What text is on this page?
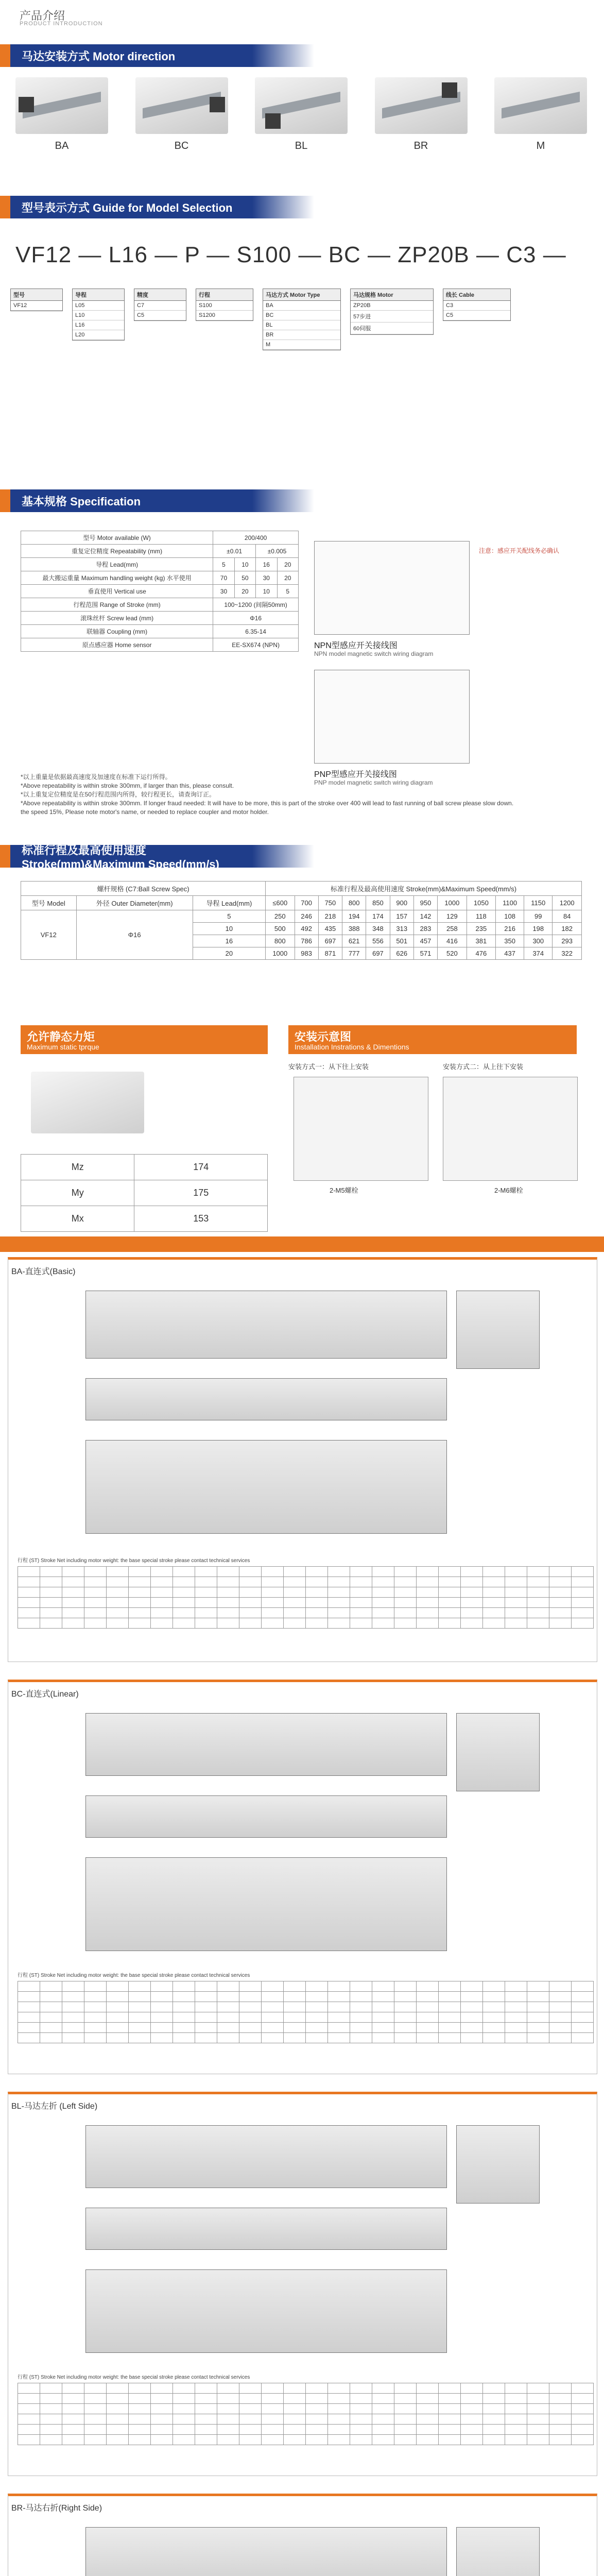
产品介绍
PRODUCT INTRODUCTION
马达安装方式 Motor direction
BA	BC	BL	BR	M
型号表示方式 Guide for Model Selection
VF12 — L16 — P — S100 — BC — ZP20B — C3 —
型号
VF12
导程
L05
L10
L16
L20
精度
C7
C5
行程
S100
S1200
马达方式 Motor Type
BA
BC
BL
BR
M
马达规格 Motor
ZP20B
57步进
60伺服
线长 Cable
C3
C5
基本规格 Specification
型号 Motor available (W)	200/400			
重复定位精度 Repeatability (mm)	±0.01		±0.005	
导程 Lead(mm)	5	10	16	20
最大搬运重量 Maximum handling weight (kg) 水平使用	70	50	30	20
垂直使用 Vertical use	30	20	10	5
行程范围 Range of Stroke (mm)	100~1200 (间隔50mm)			
滚珠丝杆 Screw lead (mm)	Φ16			
联轴器 Coupling (mm)	6.35-14			
原点感应器 Home sensor	EE-SX674 (NPN)				NPN型感应开关接线图
NPN model magnetic switch wiring diagram
PNP型感应开关接线图
PNP model magnetic switch wiring diagram
注意：感应开关配线务必确认
*以上重量是依据最高速度及加速度在标准下运行所得。
*Above repeatability is within stroke 300mm, if larger than this, please consult.
*以上重复定位精度是在50行程范围内所得，较行程更长，请查询订正。
*Above repeatability is within stroke 300mm. If longer fraud needed: It will have to be more, this is part of the stroke over 400 will lead to fast running of ball screw please slow down.
the speed 15%, Please note motor's name, or needed to replace coupler and motor holder.
标准行程及最高使用速度 Stroke(mm)&Maximum Speed(mm/s)
螺杆规格 (C7:Ball Screw Spec)			标准行程及最高使用速度 Stroke(mm)&Maximum Speed(mm/s)											
型号 Model	外径 Outer Diameter(mm)	导程 Lead(mm)	≤600	700	750	800	850	900	950	1000	1050	1100	1150	1200
VF12	Φ16	5	250	246	218	194	174	157	142	129	118	108	99	84
		10	500	492	435	388	348	313	283	258	235	216	198	182
		16	800	786	697	621	556	501	457	416	381	350	300	293
		20	1000	983	871	777	697	626	571	520	476	437	374	322
允许静态力矩
Maximum static tprque
Mz	174
My	175
Mx	153
安装示意图
Installation Instrations & Dimentions
安装方式一：从下往上安装	安装方式二：从上往下安装
2-M5螺栓	2-M6螺栓
BA-直连式(Basic)
行程 (ST) Stroke Net including motor weight: the base special stroke please contact technical services

BC-直连式(Linear)
行程 (ST) Stroke Net including motor weight: the base special stroke please contact technical services

BL-马达左折 (Left Side)
行程 (ST) Stroke Net including motor weight: the base special stroke please contact technical services

BR-马达右折(Right Side)
